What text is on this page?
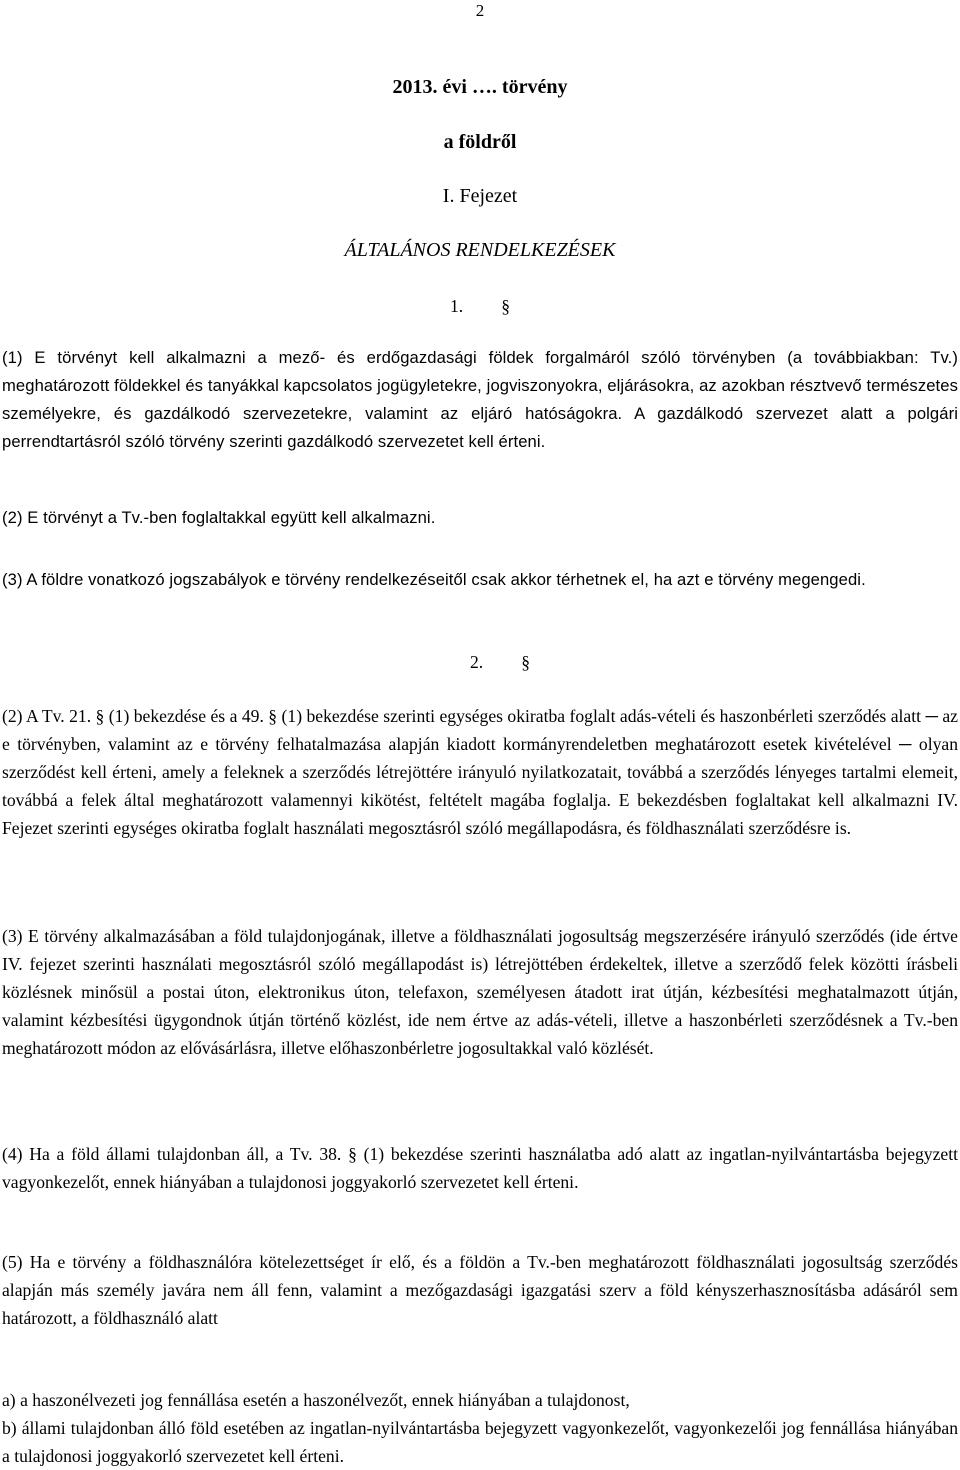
2
2013. évi …. törvény
a földről
I. Fejezet
ÁLTALÁNOS RENDELKEZÉSEK
1. §

(1) E törvényt kell alkalmazni a mező- és erdőgazdasági földek forgalmáról szóló törvényben (a továbbiakban: Tv.) meghatározott földekkel és tanyákkal kapcsolatos jogügyletekre, jogviszonyokra, eljárásokra, az azokban résztvevő természetes személyekre, és gazdálkodó szervezetekre, valamint az eljáró hatóságokra. A gazdálkodó szervezet alatt a polgári perrendtartásról szóló törvény szerinti gazdálkodó szervezetet kell érteni.

(2) E törvényt a Tv.-ben foglaltakkal együtt kell alkalmazni.

(3) A földre vonatkozó jogszabályok e törvény rendelkezéseitől csak akkor térhetnek el, ha azt e törvény megengedi.

2. §

(2) A Tv. 21. § (1) bekezdése és a 49. § (1) bekezdése szerinti egységes okiratba foglalt adás-vételi és haszonbérleti szerződés alatt ─ az e törvényben, valamint az e törvény felhatalmazása alapján kiadott kormányrendeletben meghatározott esetek kivételével ─ olyan szerződést kell érteni, amely a feleknek a szerződés létrejöttére irányuló nyilatkozatait, továbbá a szerződés lényeges tartalmi elemeit, továbbá a felek által meghatározott valamennyi kikötést, feltételt magába foglalja. E bekezdésben foglaltakat kell alkalmazni IV. Fejezet szerinti egységes okiratba foglalt használati megosztásról szóló megállapodásra, és földhasználati szerződésre is.

(3) E törvény alkalmazásában a föld tulajdonjogának, illetve a földhasználati jogosultság megszerzésére irányuló szerződés (ide értve IV. fejezet szerinti használati megosztásról szóló megállapodást is) létrejöttében érdekeltek, illetve a szerződő felek közötti írásbeli közlésnek minősül a postai úton, elektronikus úton, telefaxon, személyesen átadott irat útján, kézbesítési meghatalmazott útján, valamint kézbesítési ügygondnok útján történő közlést, ide nem értve az adás-vételi, illetve a haszonbérleti szerződésnek a Tv.-ben meghatározott módon az elővásárlásra, illetve előhaszonbérletre jogosultakkal való közlését.

(4) Ha a föld állami tulajdonban áll, a Tv. 38. § (1) bekezdése szerinti használatba adó alatt az ingatlan-nyilvántartásba bejegyzett vagyonkezelőt, ennek hiányában a tulajdonosi joggyakorló szervezetet kell érteni.

(5) Ha e törvény a földhasználóra kötelezettséget ír elő, és a földön a Tv.-ben meghatározott földhasználati jogosultság szerződés alapján más személy javára nem áll fenn, valamint a mezőgazdasági igazgatási szerv a föld kényszerhasznosításba adásáról sem határozott, a földhasználó alatt

a) a haszonélvezeti jog fennállása esetén a haszonélvezőt, ennek hiányában a tulajdonost,

b) állami tulajdonban álló föld esetében az ingatlan-nyilvántartásba bejegyzett vagyonkezelőt, vagyonkezelői jog fennállása hiányában a tulajdonosi joggyakorló szervezetet kell érteni.
